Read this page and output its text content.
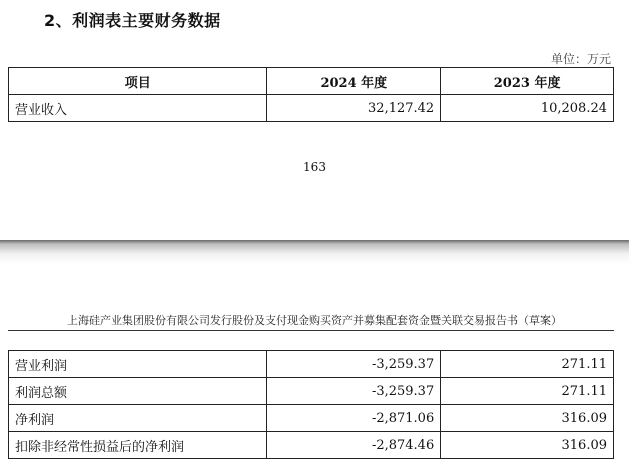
2、利润表主要财务数据
单位：万元
项目	2024 年度	2023 年度
营业收入	32,127.42	10,208.24
163
上海硅产业集团股份有限公司发行股份及支付现金购买资产并募集配套资金暨关联交易报告书（草案）
营业利润	-3,259.37	271.11
利润总额	-3,259.37	271.11
净利润	-2,871.06	316.09
扣除非经常性损益后的净利润	-2,874.46	316.09
